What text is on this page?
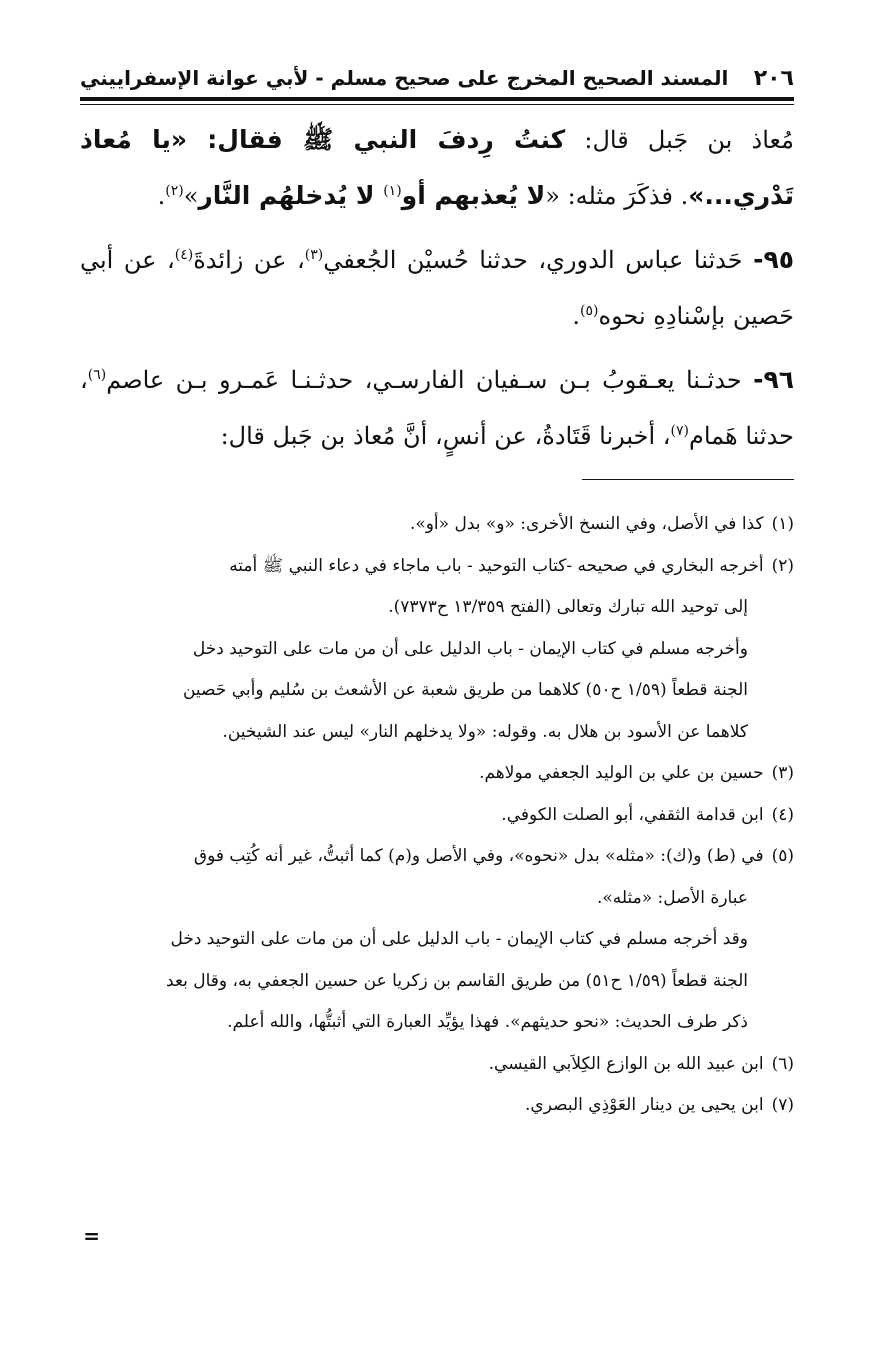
٢٠٦
المسند الصحيح المخرج على صحيح مسلم - لأبي عوانة الإسفراييني

مُعاذ بن جَبل قال: كنتُ رِدفَ النبي ﷺ فقال: «يا مُعاذ تَدْري...». فذكَرَ مثله: «لا يُعذبهم أو$^{(١)}$ لا يُدخلهُم النَّار»$^{(٢)}$.

٩٥- حَدثنا عباس الدوري، حدثنا حُسيْن الجُعفي$^{(٣)}$، عن زائدةَ$^{(٤)}$، عن أبي حَصين بإسْنادِهِ نحوه$^{(٥)}$.

٩٦- حدثـنا يعـقوبُ بـن سـفيان الفارسـي، حدثـنـا عَمـرو بـن عاصم$^{(٦)}$، حدثنا هَمام$^{(٧)}$، أخبرنا قَتَادةُ، عن أنسٍ، أنَّ مُعاذ بن جَبل قال:

(١)كذا في الأصل، وفي النسخ الأخرى: «و» بدل «أو».

(٢)أخرجه البخاري في صحيحه -كتاب التوحيد - باب ماجاء في دعاء النبي ﷺ أمته

إلى توحيد الله تبارك وتعالى (الفتح ١٣/٣٥٩ ح٧٣٧٣).

وأخرجه مسلم في كتاب الإيمان - باب الدليل على أن من مات على التوحيد دخل

الجنة قطعاً (١/٥٩ ح٥٠) كلاهما من طريق شعبة عن الأشعث بن سُليم وأبي حَصين

كلاهما عن الأسود بن هلال به. وقوله: «ولا يدخلهم النار» ليس عند الشيخين.

(٣)حسين بن علي بن الوليد الجعفي مولاهم.

(٤)ابن قدامة الثقفي، أبو الصلت الكوفي.

(٥)في (ط) و(ك): «مثله» بدل «نحوه»، وفي الأصل و(م) كما أثبتُّ، غير أنه كُتِب فوق

عبارة الأصل: «مثله».

وقد أخرجه مسلم في كتاب الإيمان - باب الدليل على أن من مات على التوحيد دخل

الجنة قطعاً (١/٥٩ ح٥١) من طريق القاسم بن زكريا عن حسين الجعفي به، وقال بعد

ذكر طرف الحديث: «نحو حديثهم». فهذا يؤيِّد العبارة التي أثبتُّها، والله أعلم.

(٦)ابن عبيد الله بن الوازع الكِلاَبي القيسي.

(٧)ابن يحيى ين دينار العَوْذِي البصري.

=
